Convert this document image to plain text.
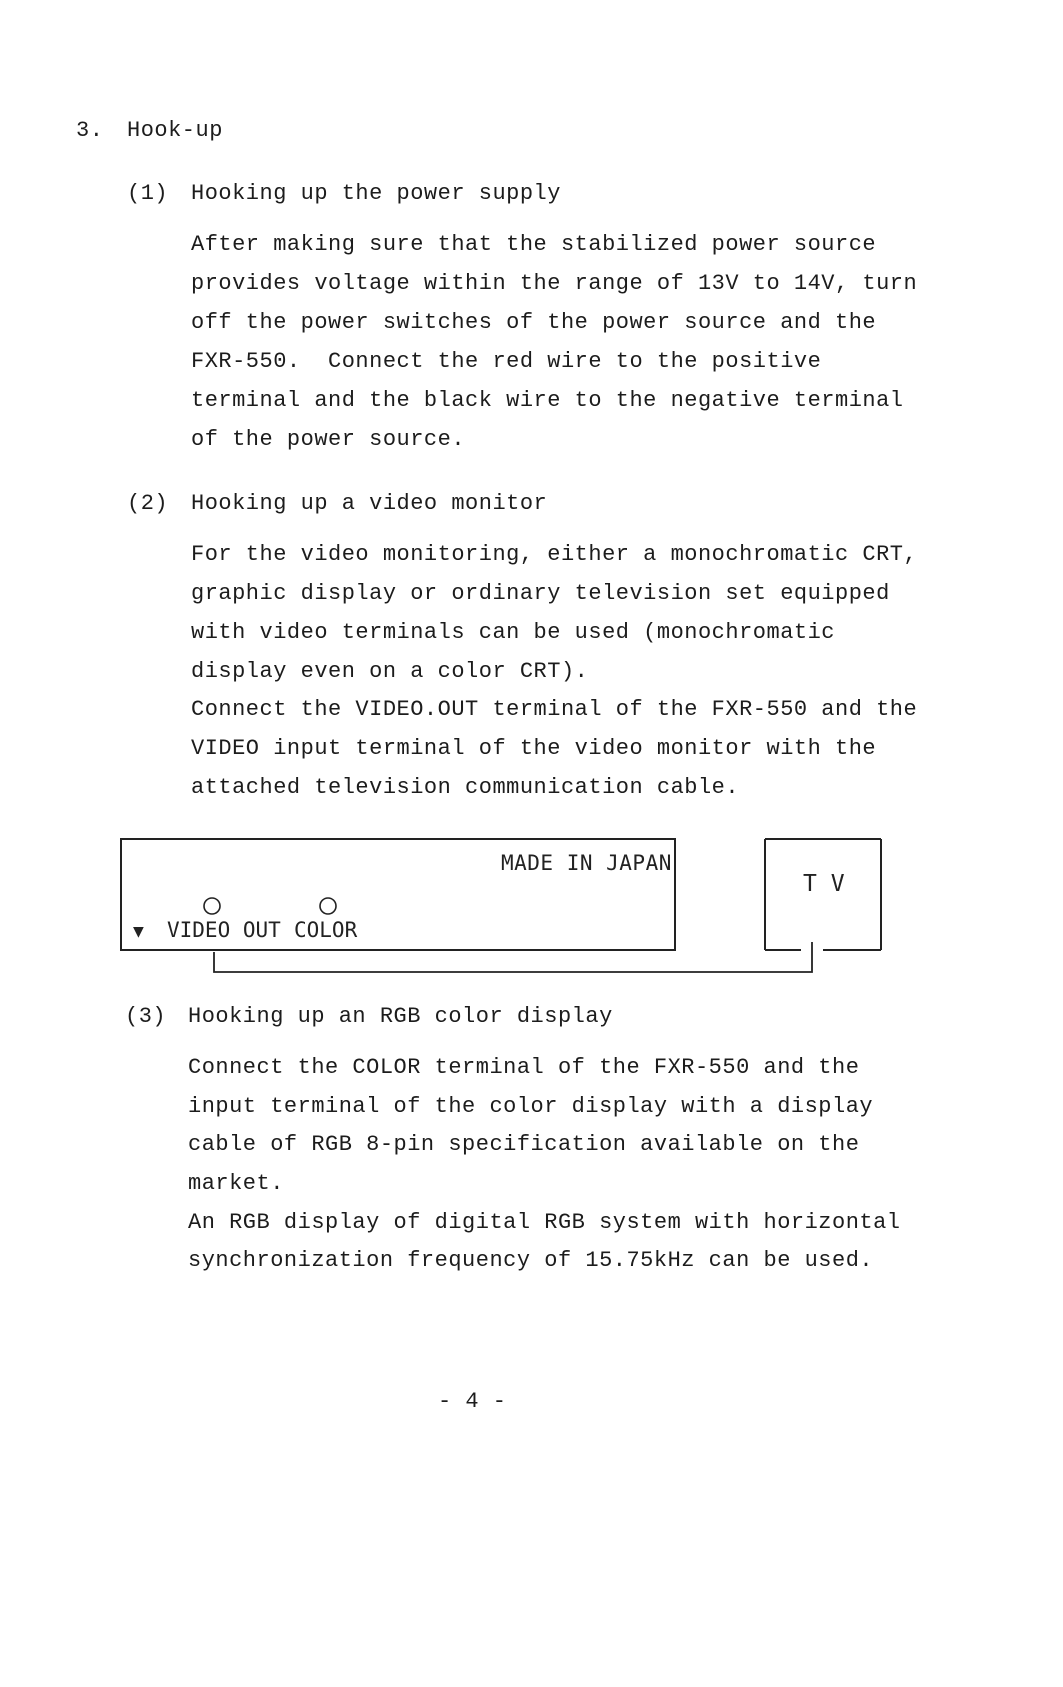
3. Hook-up
(1) Hooking up the power supply
After making sure that the stabilized power source
provides voltage within the range of 13V to 14V, turn
off the power switches of the power source and the
FXR-550.  Connect the red wire to the positive
terminal and the black wire to the negative terminal
of the power source.
(2) Hooking up a video monitor
For the video monitoring, either a monochromatic CRT,
graphic display or ordinary television set equipped
with video terminals can be used (monochromatic
display even on a color CRT).
Connect the VIDEO.OUT terminal of the FXR-550 and the
VIDEO input terminal of the video monitor with the
attached television communication cable.
MADE IN JAPAN
▼ VIDEO OUT COLOR
T V
(3) Hooking up an RGB color display
Connect the COLOR terminal of the FXR-550 and the
input terminal of the color display with a display
cable of RGB 8-pin specification available on the
market.
An RGB display of digital RGB system with horizontal
synchronization frequency of 15.75kHz can be used.
- 4 -
